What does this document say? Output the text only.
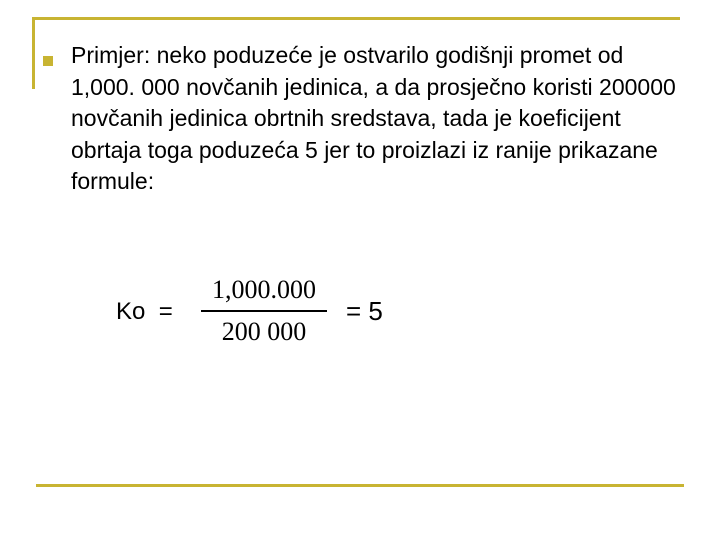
Primjer: neko poduzeće je ostvarilo godišnji promet od 1,000. 000 novčanih jedinica, a da prosječno koristi 200000 novčanih jedinica obrtnih sredstava, tada je koeficijent obrtaja toga poduzeća 5 jer to proizlazi iz ranije prikazane formule:
Ko  =
1,000.000
200 000
= 5
